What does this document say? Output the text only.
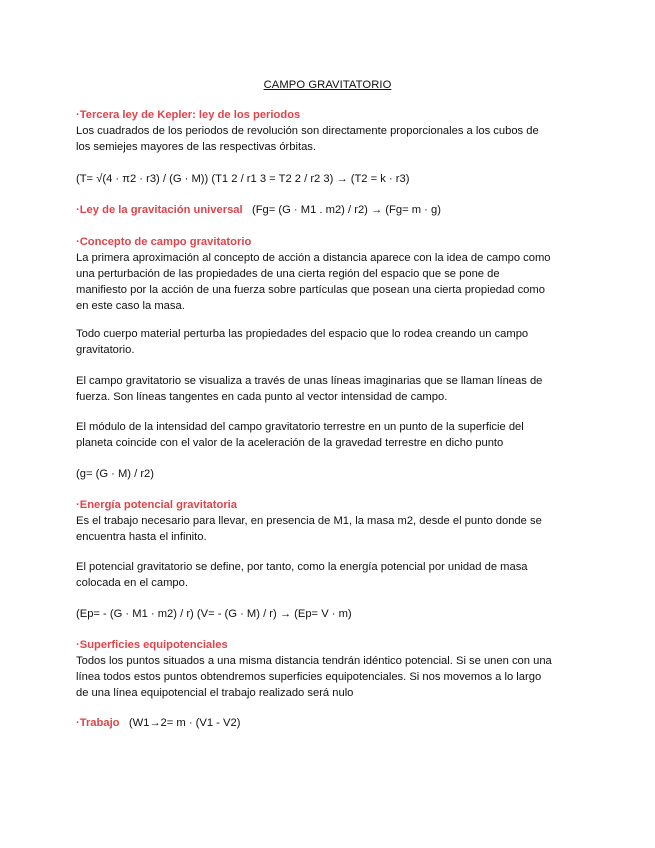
CAMPO GRAVITATORIO
·Tercera ley de Kepler: ley de los periodos
Los cuadrados de los periodos de revolución son directamente proporcionales a los cubos de
los semiejes mayores de las respectivas órbitas.
(T= √(4 · π2 · r3) / (G · M)) (T1 2 / r1 3 = T2 2 / r2 3) → (T2 = k · r3)
·Ley de la gravitación universal (Fg= (G · M1 . m2) / r2) → (Fg= m · g)
·Concepto de campo gravitatorio
La primera aproximación al concepto de acción a distancia aparece con la idea de campo como
una perturbación de las propiedades de una cierta región del espacio que se pone de
manifiesto por la acción de una fuerza sobre partículas que posean una cierta propiedad como
en este caso la masa.
Todo cuerpo material perturba las propiedades del espacio que lo rodea creando un campo
gravitatorio.
El campo gravitatorio se visualiza a través de unas líneas imaginarias que se llaman líneas de
fuerza. Son líneas tangentes en cada punto al vector intensidad de campo.
El módulo de la intensidad del campo gravitatorio terrestre en un punto de la superficie del
planeta coincide con el valor de la aceleración de la gravedad terrestre en dicho punto
(g= (G · M) / r2)
·Energía potencial gravitatoria
Es el trabajo necesario para llevar, en presencia de M1, la masa m2, desde el punto donde se
encuentra hasta el infinito.
El potencial gravitatorio se define, por tanto, como la energía potencial por unidad de masa
colocada en el campo.
(Ep= - (G · M1 · m2) / r) (V= - (G · M) / r) → (Ep= V · m)
·Superficies equipotenciales
Todos los puntos situados a una misma distancia tendrán idéntico potencial. Si se unen con una
línea todos estos puntos obtendremos superficies equipotenciales. Si nos movemos a lo largo
de una línea equipotencial el trabajo realizado será nulo
·Trabajo (W1→2= m · (V1 - V2)
